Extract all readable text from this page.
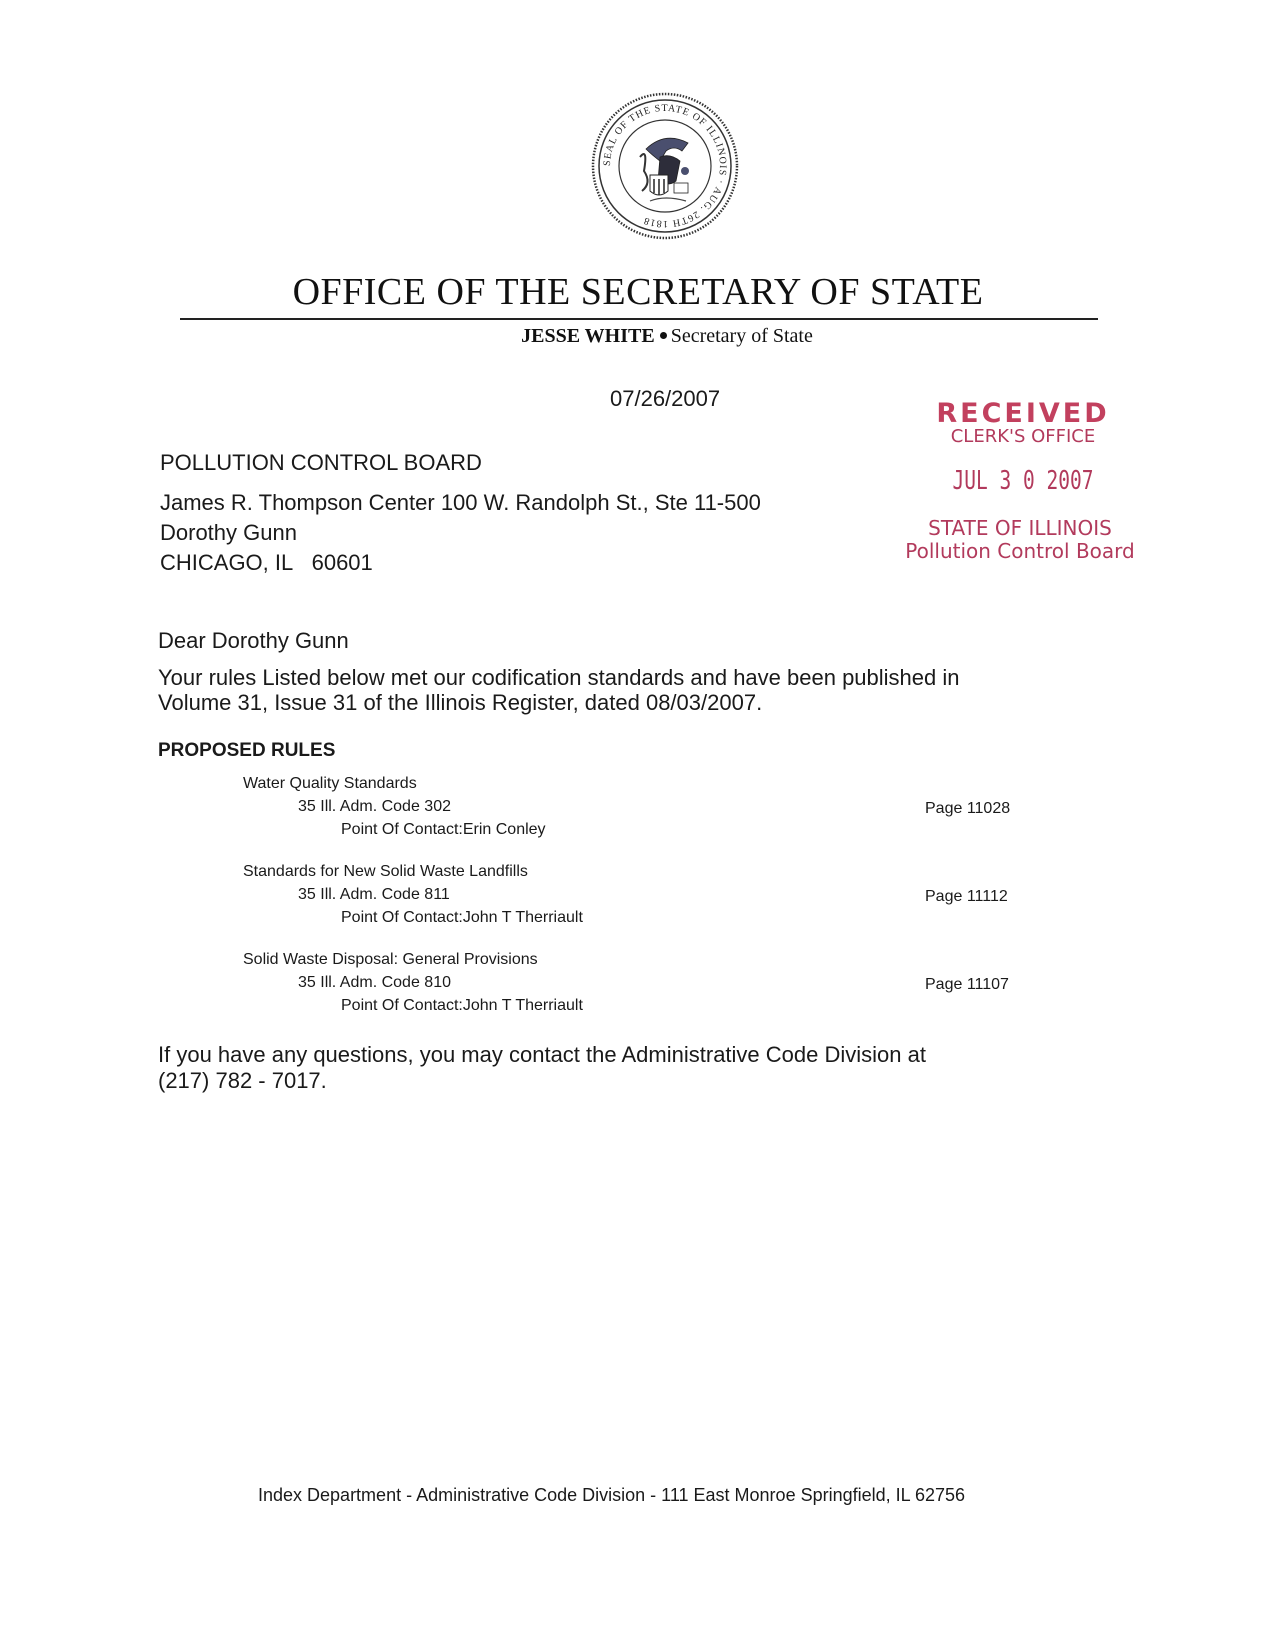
SEAL OF THE STATE OF ILLINOIS · AUG. 26TH 1818
OFFICE OF THE SECRETARY OF STATE
JESSE WHITE Secretary of State
07/26/2007
POLLUTION CONTROL BOARD
James R. Thompson Center 100 W. Randolph St., Ste 11-500
Dorothy Gunn
CHICAGO, IL 60601
RECEIVED
CLERK'S OFFICE
JUL 3 0 2007
STATE OF ILLINOIS
Pollution Control Board
Dear Dorothy Gunn
Your rules Listed below met our codification standards and have been published in
Volume 31, Issue 31 of the Illinois Register, dated 08/03/2007.
PROPOSED RULES
Water Quality Standards
35 Ill. Adm. Code 302
Point Of Contact:Erin Conley
Page 11028
Standards for New Solid Waste Landfills
35 Ill. Adm. Code 811
Point Of Contact:John T Therriault
Page 11112
Solid Waste Disposal: General Provisions
35 Ill. Adm. Code 810
Point Of Contact:John T Therriault
Page 11107
If you have any questions, you may contact the Administrative Code Division at
(217) 782 - 7017.
Index Department - Administrative Code Division - 111 East Monroe Springfield, IL 62756
